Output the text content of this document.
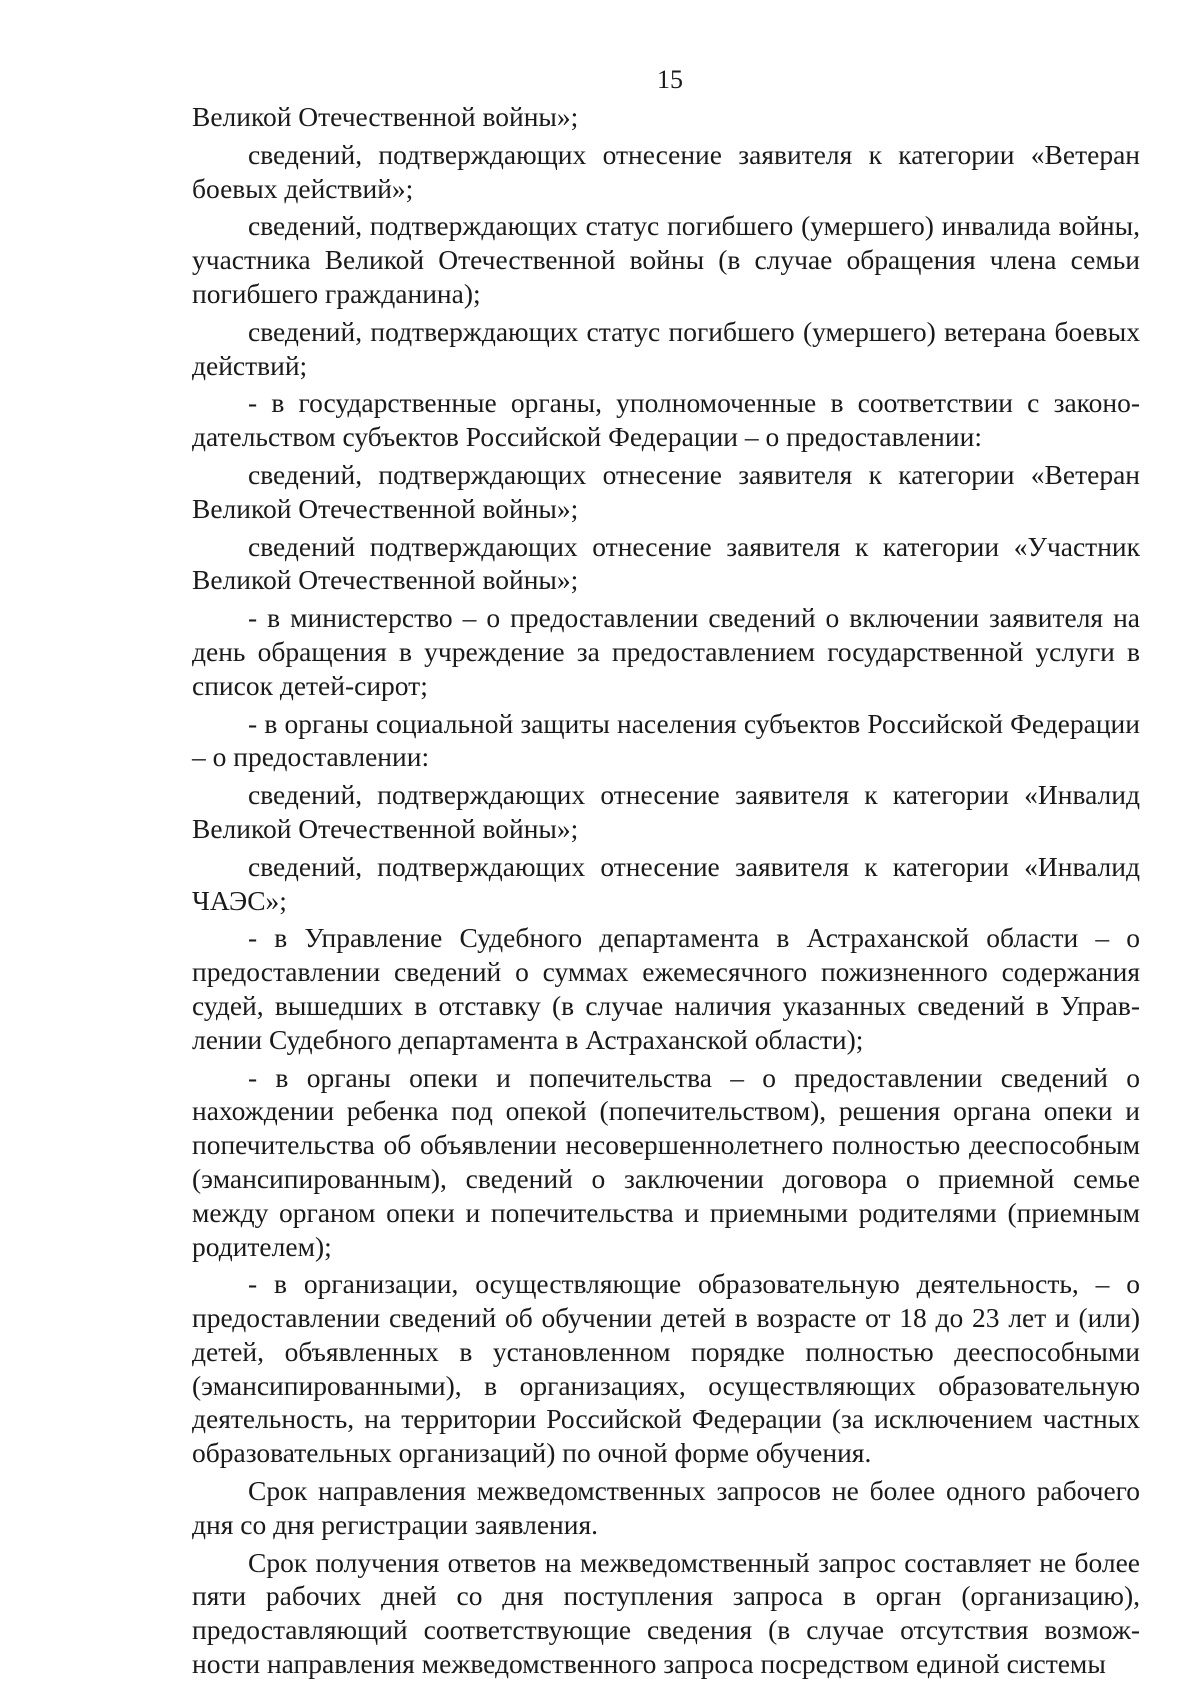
15

Великой Отечественной войны»;

сведений, подтверждающих отнесение заявителя к категории «Ветеран боевых действий»;

сведений, подтверждающих статус погибшего (умершего) инвалида войны, участника Великой Отечественной войны (в случае обращения члена семьи погибшего гражданина);

сведений, подтверждающих статус погибшего (умершего) ветерана боевых действий;

- в государственные органы, уполномоченные в соответствии с законодательством субъектов Российской Федерации – о предоставлении:

сведений, подтверждающих отнесение заявителя к категории «Ветеран Великой Отечественной войны»;

сведений подтверждающих отнесение заявителя к категории «Участник Великой Отечественной войны»;

- в министерство – о предоставлении сведений о включении заявителя на день обращения в учреждение за предоставлением государственной услуги в список детей-сирот;

- в органы социальной защиты населения субъектов Российской Федерации – о предоставлении:

сведений, подтверждающих отнесение заявителя к категории «Инвалид Великой Отечественной войны»;

сведений, подтверждающих отнесение заявителя к категории «Инвалид ЧАЭС»;

- в Управление Судебного департамента в Астраханской области – о предоставлении сведений о суммах ежемесячного пожизненного содержания судей, вышедших в отставку (в случае наличия указанных сведений в Управлении Судебного департамента в Астраханской области);

- в органы опеки и попечительства – о предоставлении сведений о нахождении ребенка под опекой (попечительством), решения органа опеки и попечительства об объявлении несовершеннолетнего полностью дееспособным (эмансипированным), сведений о заключении договора о приемной семье между органом опеки и попечительства и приемными родителями (приемным родителем);

- в организации, осуществляющие образовательную деятельность, – о предоставлении сведений об обучении детей в возрасте от 18 до 23 лет и (или) детей, объявленных в установленном порядке полностью дееспособными (эмансипированными), в организациях, осуществляющих образовательную деятельность, на территории Российской Федерации (за исключением частных образовательных организаций) по очной форме обучения.

Срок направления межведомственных запросов не более одного рабочего дня со дня регистрации заявления.

Срок получения ответов на межведомственный запрос составляет не более пяти рабочих дней со дня поступления запроса в орган (организацию), предоставляющий соответствующие сведения (в случае отсутствия возможности направления межведомственного запроса посредством единой системы
